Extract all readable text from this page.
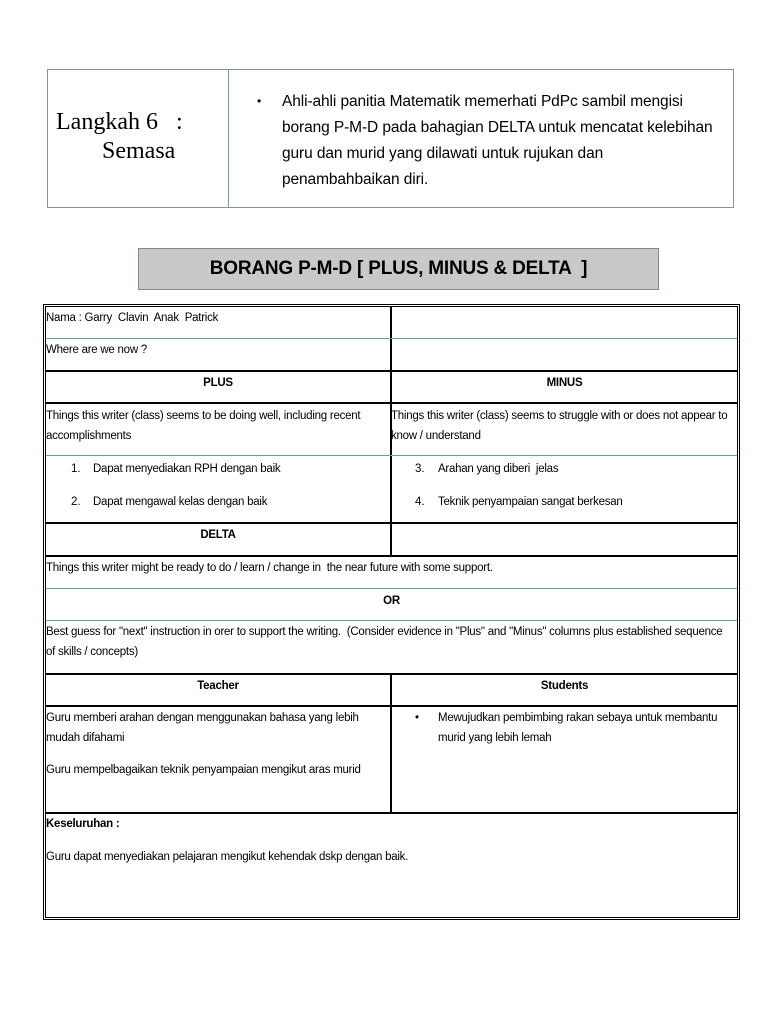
Langkah 6   :
Semasa
• Ahli-ahli panitia Matematik memerhati PdPc sambil mengisi borang P-M-D pada bahagian DELTA untuk mencatat kelebihan guru dan murid yang dilawati untuk rujukan dan penambahbaikan diri.
BORANG P-M-D [ PLUS, MINUS & DELTA  ]
Nama : Garry  Clavin  Anak  Patrick
Where are we now ?
PLUS	MINUS
Things this writer (class) seems to be doing well, including recent accomplishments
Things this writer (class) seems to struggle with or does not appear to know / understand
1. Dapat menyediakan RPH dengan baik
2. Dapat mengawal kelas dengan baik
3. Arahan yang diberi  jelas
4. Teknik penyampaian sangat berkesan
DELTA
Things this writer might be ready to do / learn / change in  the near future with some support.
OR
Best guess for "next" instruction in orer to support the writing.  (Consider evidence in "Plus" and "Minus" columns plus established sequence of skills / concepts)
Teacher	Students
Guru memberi arahan dengan menggunakan bahasa yang lebih mudah difahami
Guru mempelbagaikan teknik penyampaian mengikut aras murid
• Mewujudkan pembimbing rakan sebaya untuk membantu murid yang lebih lemah
Keseluruhan :
Guru dapat menyediakan pelajaran mengikut kehendak dskp dengan baik.
